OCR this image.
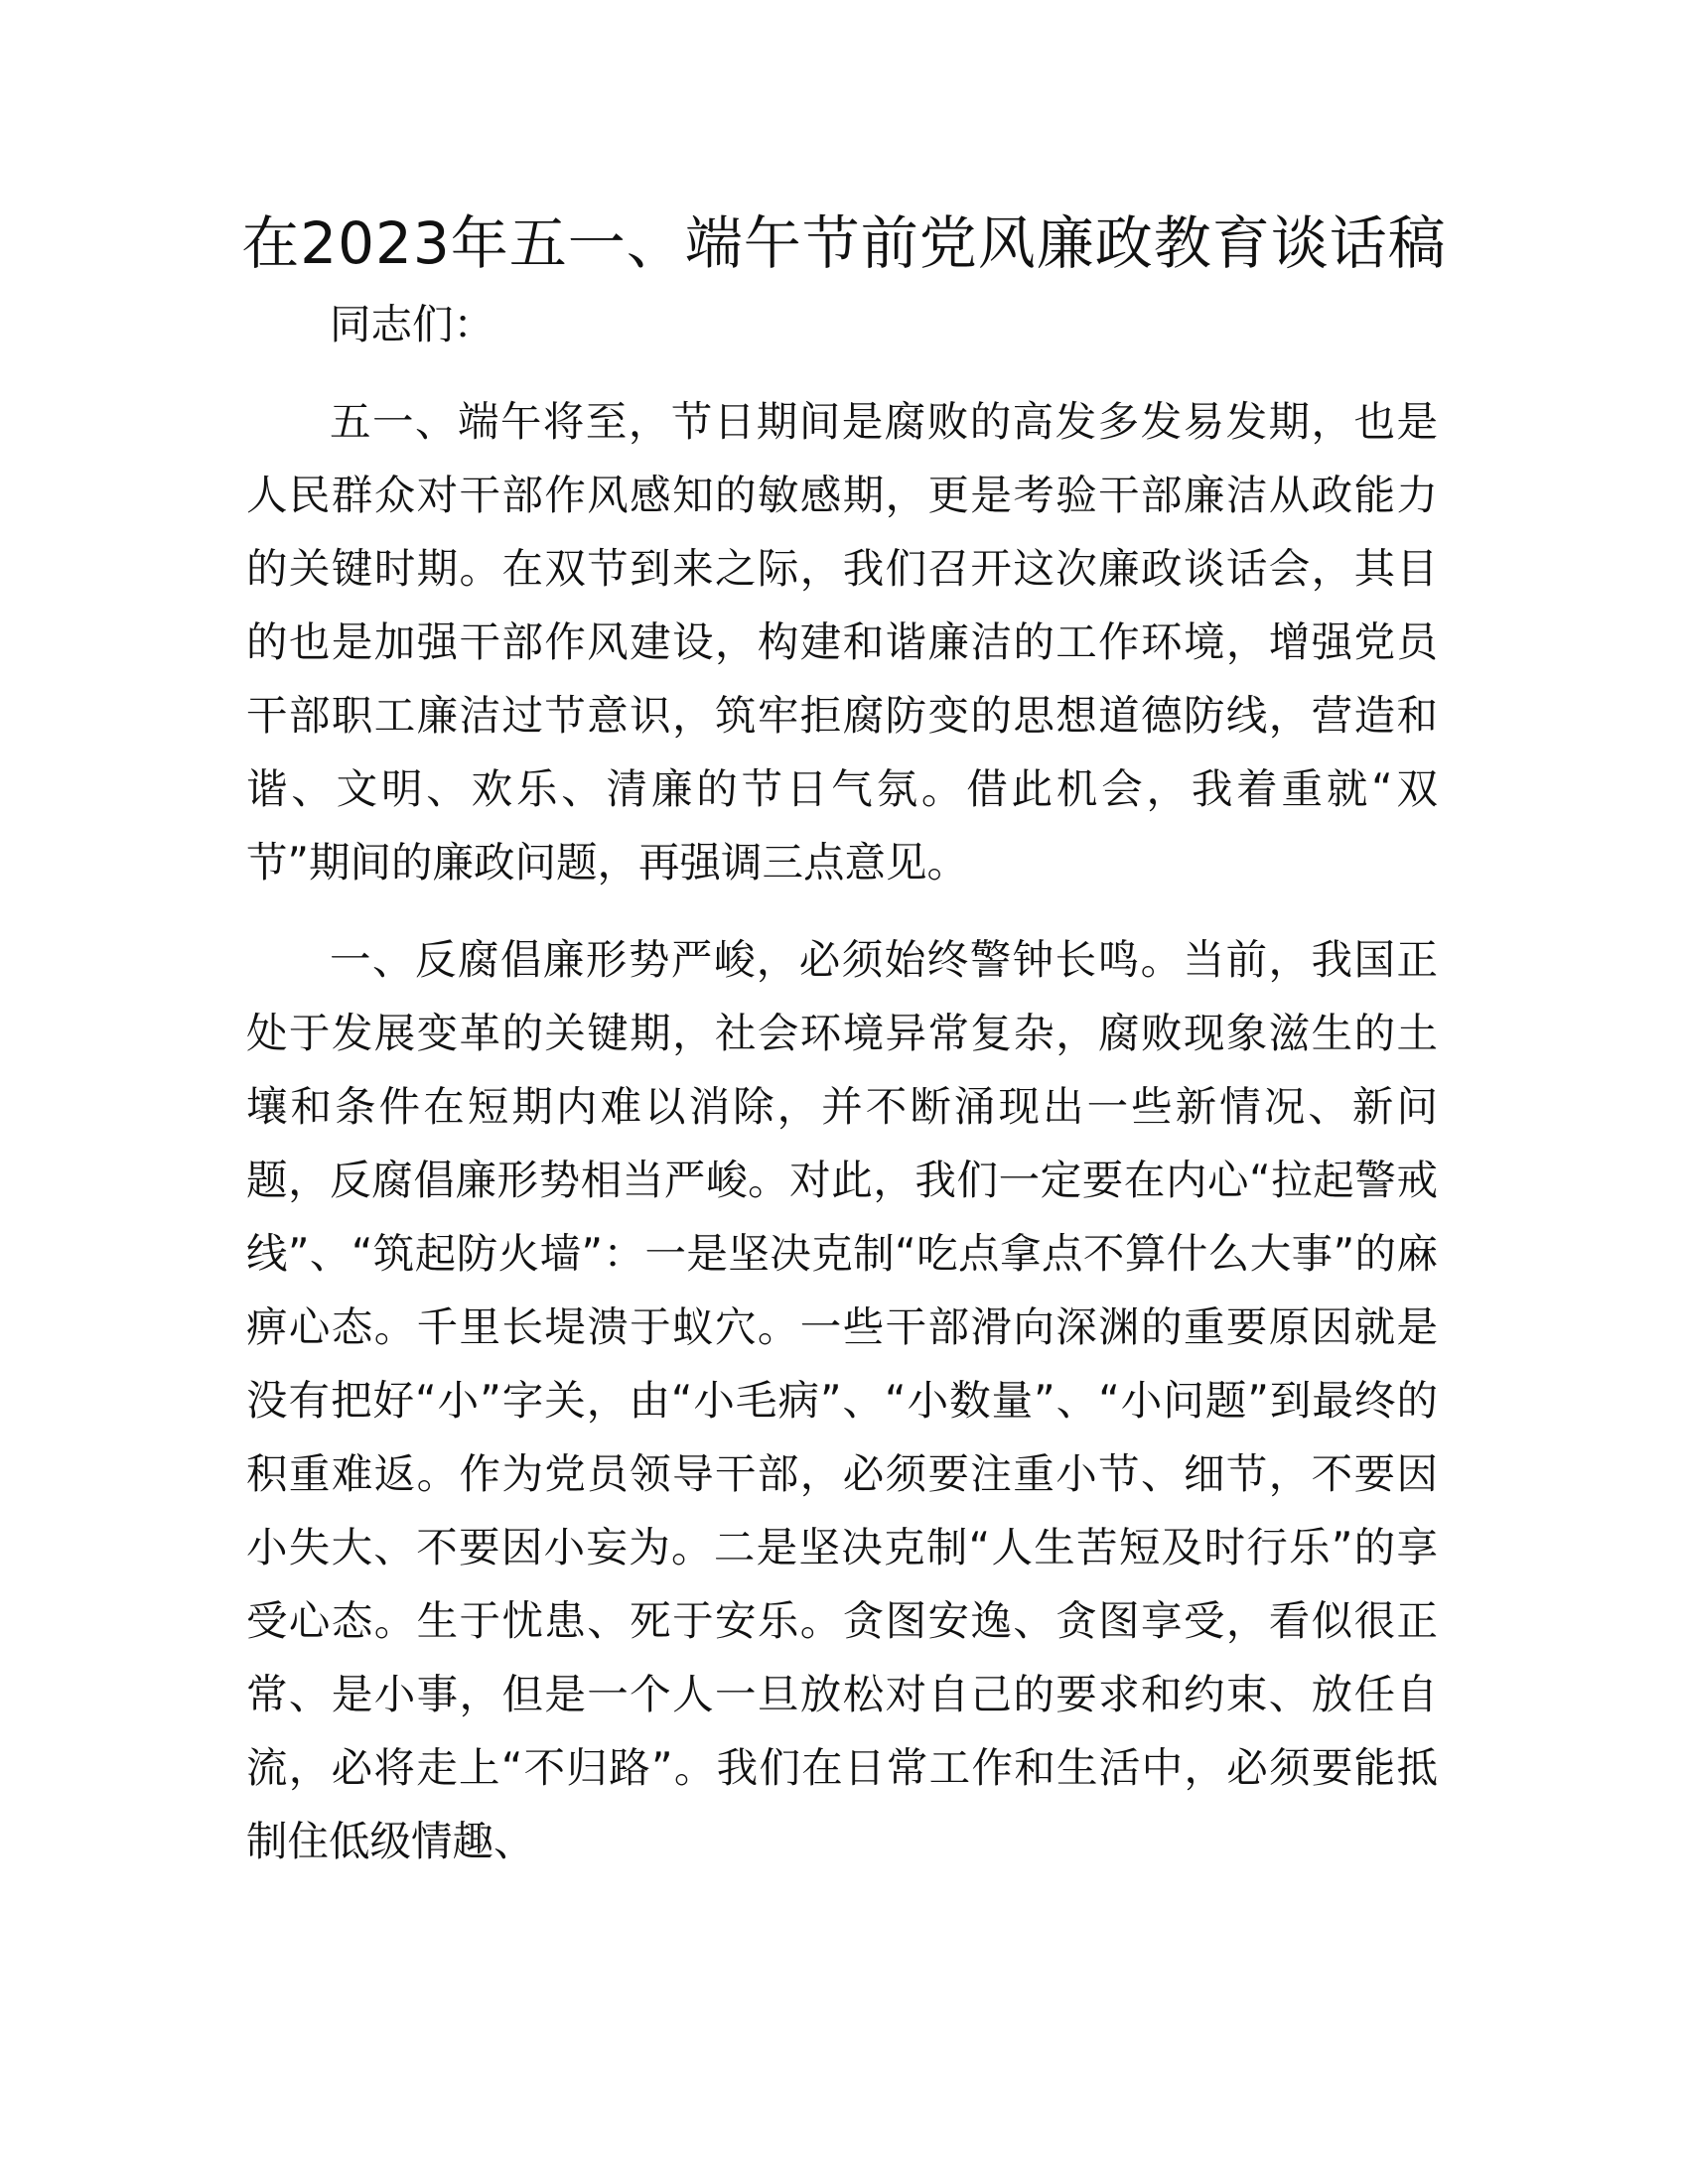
在2023年五一、端午节前党风廉政教育谈话稿

同志们：

五一、端午将至，节日期间是腐败的高发多发易发期，也是人民群众对干部作风感知的敏感期，更是考验干部廉洁从政能力的关键时期。在双节到来之际，我们召开这次廉政谈话会，其目的也是加强干部作风建设，构建和谐廉洁的工作环境，增强党员干部职工廉洁过节意识，筑牢拒腐防变的思想道德防线，营造和谐、文明、欢乐、清廉的节日气氛。借此机会，我着重就“双节”期间的廉政问题，再强调三点意见。

一、反腐倡廉形势严峻，必须始终警钟长鸣。当前，我国正处于发展变革的关键期，社会环境异常复杂，腐败现象滋生的土壤和条件在短期内难以消除，并不断涌现出一些新情况、新问题，反腐倡廉形势相当严峻。对此，我们一定要在内心“拉起警戒线”、“筑起防火墙”：一是坚决克制“吃点拿点不算什么大事”的麻痹心态。千里长堤溃于蚁穴。一些干部滑向深渊的重要原因就是没有把好“小”字关，由“小毛病”、“小数量”、“小问题”到最终的积重难返。作为党员领导干部，必须要注重小节、细节，不要因小失大、不要因小妄为。二是坚决克制“人生苦短及时行乐”的享受心态。生于忧患、死于安乐。贪图安逸、贪图享受，看似很正常、是小事，但是一个人一旦放松对自己的要求和约束、放任自流，必将走上“不归路”。我们在日常工作和生活中，必须要能抵制住低级情趣、
